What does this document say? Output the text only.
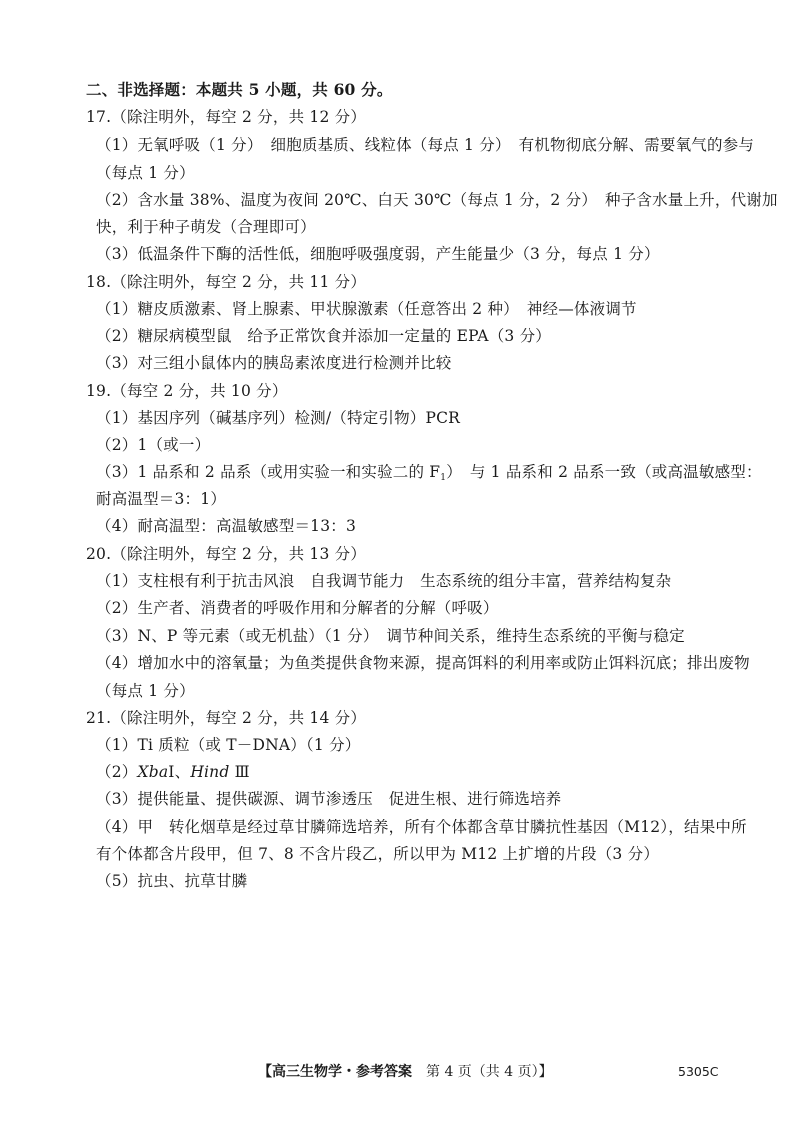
二、非选择题：本题共 5 小题，共 60 分。
17.（除注明外，每空 2 分，共 12 分）
（1）无氧呼吸（1 分）　细胞质基质、线粒体（每点 1 分）　有机物彻底分解、需要氧气的参与
（每点 1 分）
（2）含水量 38%、温度为夜间 20℃、白天 30℃（每点 1 分，2 分）　种子含水量上升，代谢加
快，利于种子萌发（合理即可）
（3）低温条件下酶的活性低，细胞呼吸强度弱，产生能量少（3 分，每点 1 分）
18.（除注明外，每空 2 分，共 11 分）
（1）糖皮质激素、肾上腺素、甲状腺激素（任意答出 2 种）　神经—体液调节
（2）糖尿病模型鼠　给予正常饮食并添加一定量的 EPA（3 分）
（3）对三组小鼠体内的胰岛素浓度进行检测并比较
19.（每空 2 分，共 10 分）
（1）基因序列（碱基序列）检测/（特定引物）PCR
（2）1（或一）
（3）1 品系和 2 品系（或用实验一和实验二的 F1）　与 1 品系和 2 品系一致（或高温敏感型：
耐高温型＝3：1）
（4）耐高温型：高温敏感型＝13：3
20.（除注明外，每空 2 分，共 13 分）
（1）支柱根有利于抗击风浪　自我调节能力　生态系统的组分丰富，营养结构复杂
（2）生产者、消费者的呼吸作用和分解者的分解（呼吸）
（3）N、P 等元素（或无机盐）（1 分）　调节种间关系，维持生态系统的平衡与稳定
（4）增加水中的溶氧量；为鱼类提供食物来源，提高饵料的利用率或防止饵料沉底；排出废物
（每点 1 分）
21.（除注明外，每空 2 分，共 14 分）
（1）Ti 质粒（或 T－DNA）（1 分）
（2）XbaⅠ、Hind Ⅲ
（3）提供能量、提供碳源、调节渗透压　促进生根、进行筛选培养
（4）甲　转化烟草是经过草甘膦筛选培养，所有个体都含草甘膦抗性基因（M12），结果中所
有个体都含片段甲，但 7、8 不含片段乙，所以甲为 M12 上扩增的片段（3 分）
（5）抗虫、抗草甘膦
【高三生物学・参考答案　第 4 页（共 4 页）】	5305C
